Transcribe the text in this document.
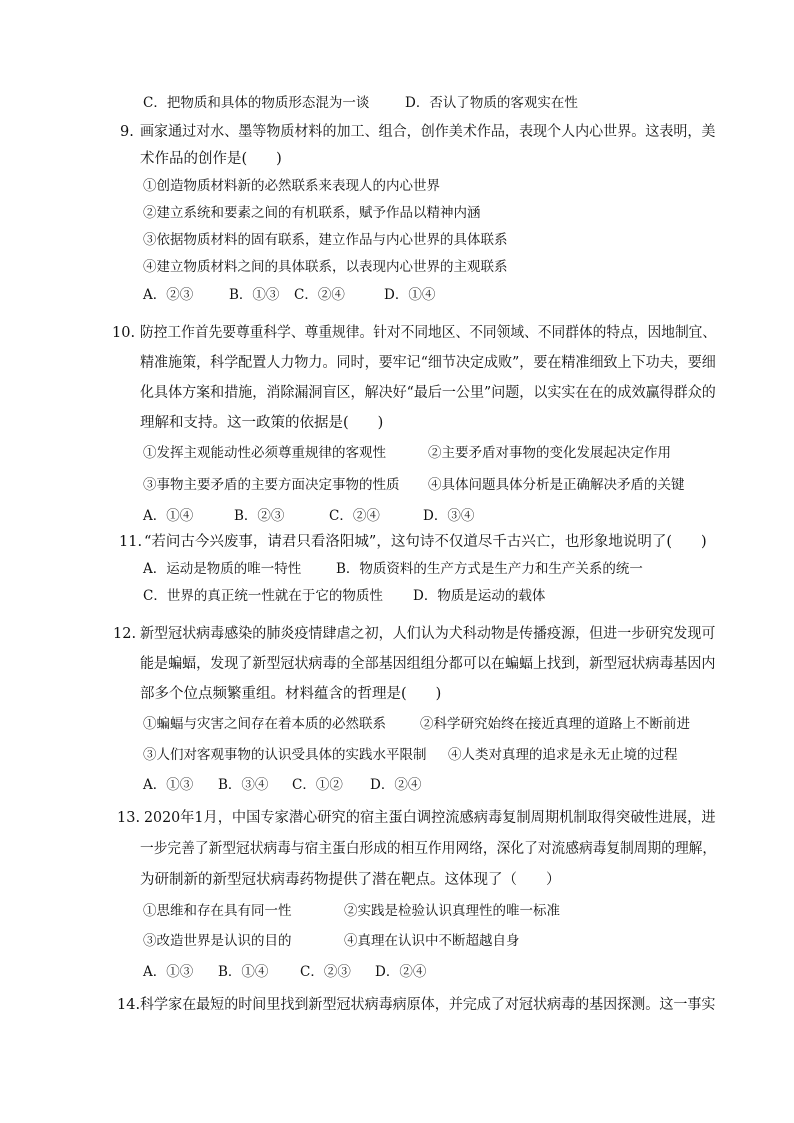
C．把物质和具体的物质形态混为一谈	D．否认了物质的客观实在性
9. 画家通过对水、墨等物质材料的加工、组合，创作美术作品，表现个人内心世界。这表明，美
术作品的创作是(　　)
①创造物质材料新的必然联系来表现人的内心世界
②建立系统和要素之间的有机联系，赋予作品以精神内涵
③依据物质材料的固有联系，建立作品与内心世界的具体联系
④建立物质材料之间的具体联系，以表现内心世界的主观联系
A．②③	B．①③ C．②④	D．①④
10. 防控工作首先要尊重科学、尊重规律。针对不同地区、不同领域、不同群体的特点，因地制宜、
精准施策，科学配置人力物力。同时，要牢记“细节决定成败”，要在精准细致上下功夫，要细
化具体方案和措施，消除漏洞盲区，解决好“最后一公里”问题，以实实在在的成效赢得群众的
理解和支持。这一政策的依据是(　　)
①发挥主观能动性必须尊重规律的客观性	②主要矛盾对事物的变化发展起决定作用
③事物主要矛盾的主要方面决定事物的性质 ④具体问题具体分析是正确解决矛盾的关键
A．①④	B．②③	C．②④	D．③④
11. “若问古今兴废事，请君只看洛阳城”，这句诗不仅道尽千古兴亡，也形象地说明了(　　)
A．运动是物质的唯一特性	B．物质资料的生产方式是生产力和生产关系的统一
C．世界的真正统一性就在于它的物质性 D．物质是运动的载体
12. 新型冠状病毒感染的肺炎疫情肆虐之初，人们认为犬科动物是传播疫源，但进一步研究发现可
能是蝙蝠，发现了新型冠状病毒的全部基因组组分都可以在蝙蝠上找到，新型冠状病毒基因内
部多个位点频繁重组。材料蕴含的哲理是(　　)
①蝙蝠与灾害之间存在着本质的必然联系	②科学研究始终在接近真理的道路上不断前进
③人们对客观事物的认识受具体的实践水平限制 ④人类对真理的追求是永无止境的过程
A．①③ B．③④ C．①② D．②④
13. 2020年1月，中国专家潜心研究的宿主蛋白调控流感病毒复制周期机制取得突破性进展，进
一步完善了新型冠状病毒与宿主蛋白形成的相互作用网络，深化了对流感病毒复制周期的理解，
为研制新的新型冠状病毒药物提供了潜在靶点。这体现了（　　）
①思维和存在具有同一性	②实践是检验认识真理性的唯一标准
③改造世界是认识的目的	④真理在认识中不断超越自身
A．①③ B．①④ C．②③ D．②④
14. 科学家在最短的时间里找到新型冠状病毒病原体，并完成了对冠状病毒的基因探测。这一事实
